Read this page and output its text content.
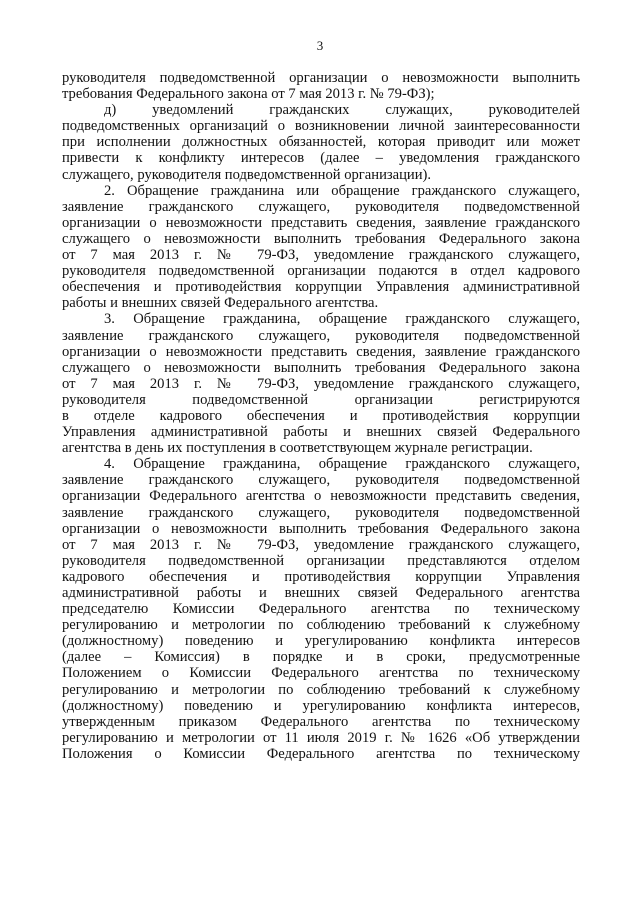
3
руководителя подведомственной организации о невозможности выполнить
требования Федерального закона от 7 мая 2013 г. № 79-ФЗ);
д) уведомлений гражданских служащих, руководителей
подведомственных организаций о возникновении личной заинтересованности
при исполнении должностных обязанностей, которая приводит или может
привести к конфликту интересов (далее – уведомления гражданского
служащего, руководителя подведомственной организации).
2. Обращение гражданина или обращение гражданского служащего,
заявление гражданского служащего, руководителя подведомственной
организации о невозможности представить сведения, заявление гражданского
служащего о невозможности выполнить требования Федерального закона
от 7 мая 2013 г. № 79-ФЗ, уведомление гражданского служащего,
руководителя подведомственной организации подаются в отдел кадрового
обеспечения и противодействия коррупции Управления административной
работы и внешних связей Федерального агентства.
3. Обращение гражданина, обращение гражданского служащего,
заявление гражданского служащего, руководителя подведомственной
организации о невозможности представить сведения, заявление гражданского
служащего о невозможности выполнить требования Федерального закона
от 7 мая 2013 г. № 79-ФЗ, уведомление гражданского служащего,
руководителя подведомственной организации регистрируются
в отделе кадрового обеспечения и противодействия коррупции
Управления административной работы и внешних связей Федерального
агентства в день их поступления в соответствующем журнале регистрации.
4. Обращение гражданина, обращение гражданского служащего,
заявление гражданского служащего, руководителя подведомственной
организации Федерального агентства о невозможности представить сведения,
заявление гражданского служащего, руководителя подведомственной
организации о невозможности выполнить требования Федерального закона
от 7 мая 2013 г. № 79-ФЗ, уведомление гражданского служащего,
руководителя подведомственной организации представляются отделом
кадрового обеспечения и противодействия коррупции Управления
административной работы и внешних связей Федерального агентства
председателю Комиссии Федерального агентства по техническому
регулированию и метрологии по соблюдению требований к служебному
(должностному) поведению и урегулированию конфликта интересов
(далее – Комиссия) в порядке и в сроки, предусмотренные
Положением о Комиссии Федерального агентства по техническому
регулированию и метрологии по соблюдению требований к служебному
(должностному) поведению и урегулированию конфликта интересов,
утвержденным приказом Федерального агентства по техническому
регулированию и метрологии от 11 июля 2019 г. № 1626 «Об утверждении
Положения о Комиссии Федерального агентства по техническому
